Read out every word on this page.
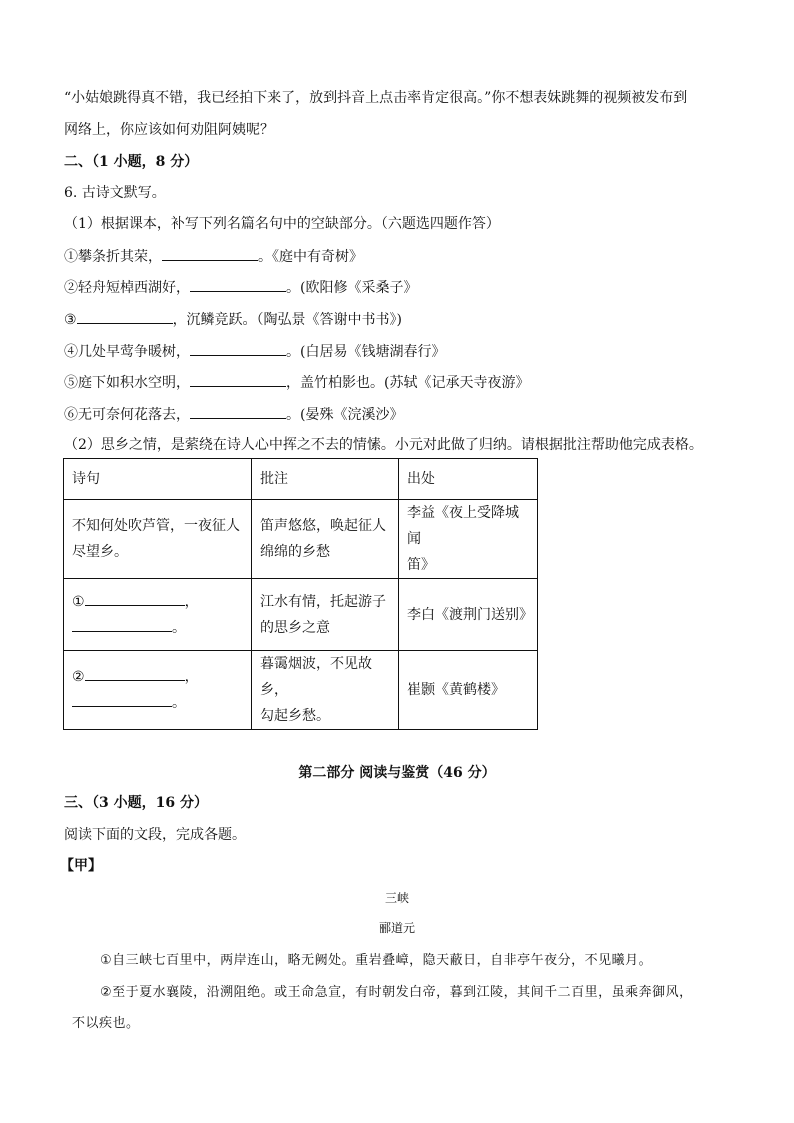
“小姑娘跳得真不错，我已经拍下来了，放到抖音上点击率肯定很高。”你不想表妹跳舞的视频被发布到
网络上，你应该如何劝阻阿姨呢？
二、（1 小题，8 分）
6. 古诗文默写。
（1）根据课本，补写下列名篇名句中的空缺部分。（六题选四题作答）
①攀条折其荣，	。《庭中有奇树》
②轻舟短棹西湖好，	。(欧阳修《采桑子》
③	，沉鳞竞跃。（陶弘景《答谢中书书》)
④几处早莺争暖树，	。(白居易《钱塘湖春行》
⑤庭下如积水空明，	，盖竹柏影也。(苏轼《记承天寺夜游》
⑥无可奈何花落去，	。(晏殊《浣溪沙》
（2）思乡之情，是萦绕在诗人心中挥之不去的情愫。小元对此做了归纳。请根据批注帮助他完成表格。
诗句	批注	出处
不知何处吹芦管，一夜征人
尽望乡。	笛声悠悠，唤起征人
绵绵的乡愁	李益《夜上受降城闻
笛》
① ，
。	江水有情，托起游子
的思乡之意	李白《渡荆门送别》
② ，
。	暮霭烟波，不见故乡，
勾起乡愁。	崔颢《黄鹤楼》
第二部分 阅读与鉴赏（46 分）
三、（3 小题，16 分）
阅读下面的文段，完成各题。
【甲】
三峡
郦道元
①自三峡七百里中，两岸连山，略无阙处。重岩叠嶂，隐天蔽日，自非亭午夜分，不见曦月。
②至于夏水襄陵，沿溯阻绝。或王命急宣，有时朝发白帝，暮到江陵，其间千二百里，虽乘奔御风，
不以疾也。
